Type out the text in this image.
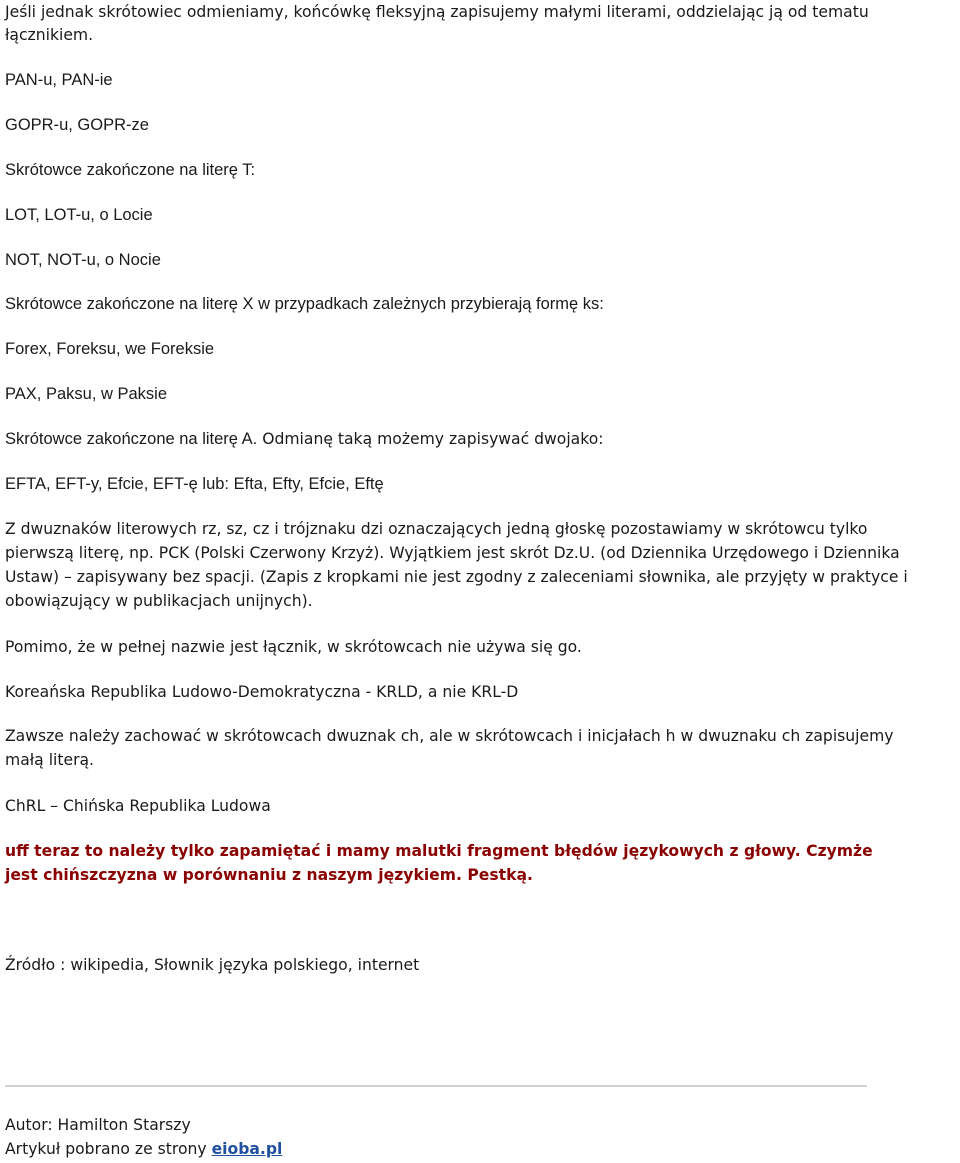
Jeśli jednak skrótowiec odmieniamy, końcówkę fleksyjną zapisujemy małymi literami, oddzielając ją od tematu

łącznikiem.

PAN-u, PAN-ie

GOPR-u, GOPR-ze

Skrótowce zakończone na literę T:

LOT, LOT-u, o Locie

NOT, NOT-u, o Nocie

Skrótowce zakończone na literę X w przypadkach zależnych przybierają formę ks:

Forex, Foreksu, we Foreksie

PAX, Paksu, w Paksie

Skrótowce zakończone na literę A. Odmianę taką możemy zapisywać dwojako:

EFTA, EFT-y, Efcie, EFT-ę lub: Efta, Efty, Efcie, Eftę

Z dwuznaków literowych rz, sz, cz i trójznaku dzi oznaczających jedną głoskę pozostawiamy w skrótowcu tylko

pierwszą literę, np. PCK (Polski Czerwony Krzyż). Wyjątkiem jest skrót Dz.U. (od Dziennika Urzędowego i Dziennika

Ustaw) – zapisywany bez spacji. (Zapis z kropkami nie jest zgodny z zaleceniami słownika, ale przyjęty w praktyce i

obowiązujący w publikacjach unijnych).

Pomimo, że w pełnej nazwie jest łącznik, w skrótowcach nie używa się go.

Koreańska Republika Ludowo-Demokratyczna - KRLD, a nie KRL-D

Zawsze należy zachować w skrótowcach dwuznak ch, ale w skrótowcach i inicjałach h w dwuznaku ch zapisujemy

małą literą.

ChRL – Chińska Republika Ludowa

uff teraz to należy tylko zapamiętać i mamy malutki fragment błędów językowych z głowy. Czymże

jest chińszczyzna w porównaniu z naszym językiem. Pestką.

Źródło : wikipedia, Słownik języka polskiego, internet

Autor: Hamilton Starszy

Artykuł pobrano ze strony eioba.pl
